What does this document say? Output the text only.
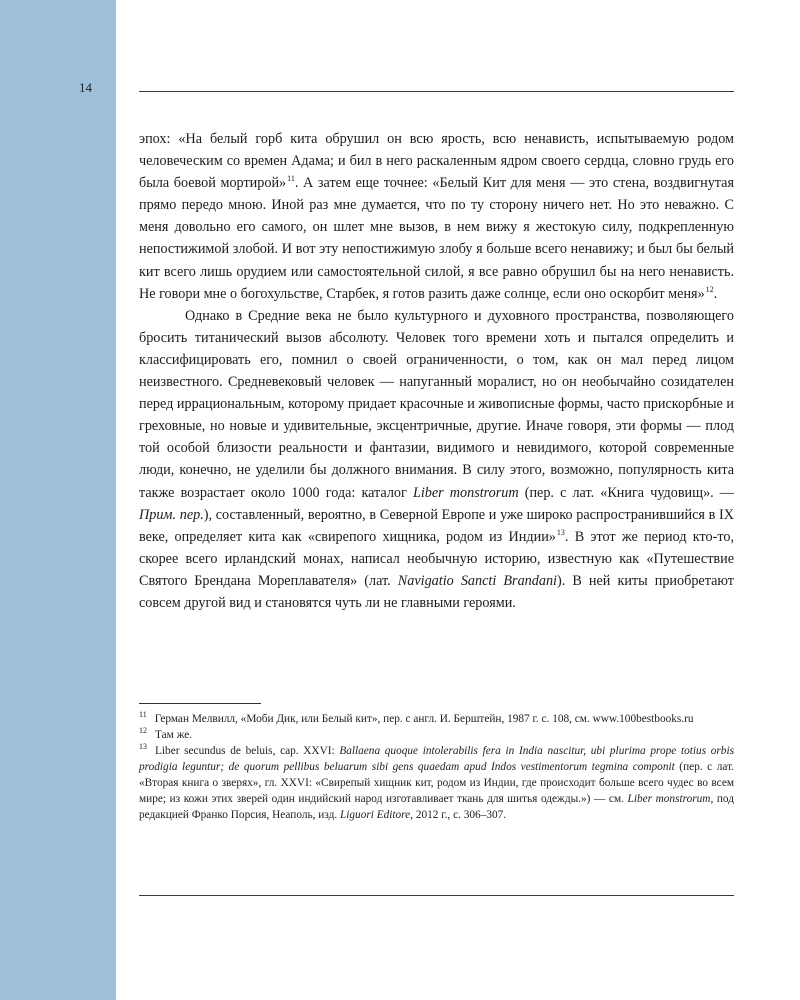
14

эпох: «На белый горб кита обрушил он всю ярость, всю ненависть, испытываемую родом человеческим со времен Адама; и бил в него раскаленным ядром своего сердца, словно грудь его была боевой мортирой»$^{11}$. А затем еще точнее: «Белый Кит для меня — это стена, воздвигнутая прямо передо мною. Иной раз мне думается, что по ту сторону ничего нет. Но это неважно. С меня довольно его самого, он шлет мне вызов, в нем вижу я жестокую силу, подкрепленную непостижимой злобой. И вот эту непостижимую злобу я больше всего ненавижу; и был бы белый кит всего лишь орудием или самостоятельной силой, я все равно обрушил бы на него ненависть. Не говори мне о богохульстве, Старбек, я готов разить даже солнце, если оно оскорбит меня»$^{12}$.

Однако в Средние века не было культурного и духовного пространства, позволяющего бросить титанический вызов абсолюту. Человек того времени хоть и пытался определить и классифицировать его, помнил о своей ограниченности, о том, как он мал перед лицом неизвестного. Средневековый человек — напуганный моралист, но он необычайно созидателен перед иррациональным, которому придает красочные и живописные формы, часто прискорбные и греховные, но новые и удивительные, эксцентричные, другие. Иначе говоря, эти формы — плод той особой близости реальности и фантазии, видимого и невидимого, которой современные люди, конечно, не уделили бы должного внимания. В силу этого, возможно, популярность кита также возрастает около 1000 года: каталог Liber monstrorum (пер. с лат. «Книга чудовищ». — Прим. пер.), составленный, вероятно, в Северной Европе и уже широко распространившийся в IX веке, определяет кита как «свирепого хищника, родом из Индии»$^{13}$. В этот же период кто-то, скорее всего ирландский монах, написал необычную историю, известную как «Путешествие Святого Брендана Мореплавателя» (лат. Navigatio Sancti Brandani). В ней киты приобретают совсем другой вид и становятся чуть ли не главными героями.

$^{11}$ Герман Мелвилл, «Моби Дик, или Белый кит», пер. с англ. И. Берштейн, 1987 г. с. 108, см. www.100bestbooks.ru

$^{12}$ Там же.

$^{13}$ Liber secundus de beluis, cap. XXVI: Ballaena quoque intolerabilis fera in India nascitur, ubi plurima prope totius orbis prodigia leguntur; de quorum pellibus beluarum sibi gens quaedam apud Indos vestimentorum tegmina componit (пер. с лат. «Вторая книга о зверях», гл. XXVI: «Свирепый хищник кит, родом из Индии, где происходит больше всего чудес во всем мире; из кожи этих зверей один индийский народ изготавливает ткань для шитья одежды.») — см. Liber monstrorum, под редакцией Франко Порсия, Неаполь, изд. Liguori Editore, 2012 г., с. 306–307.
